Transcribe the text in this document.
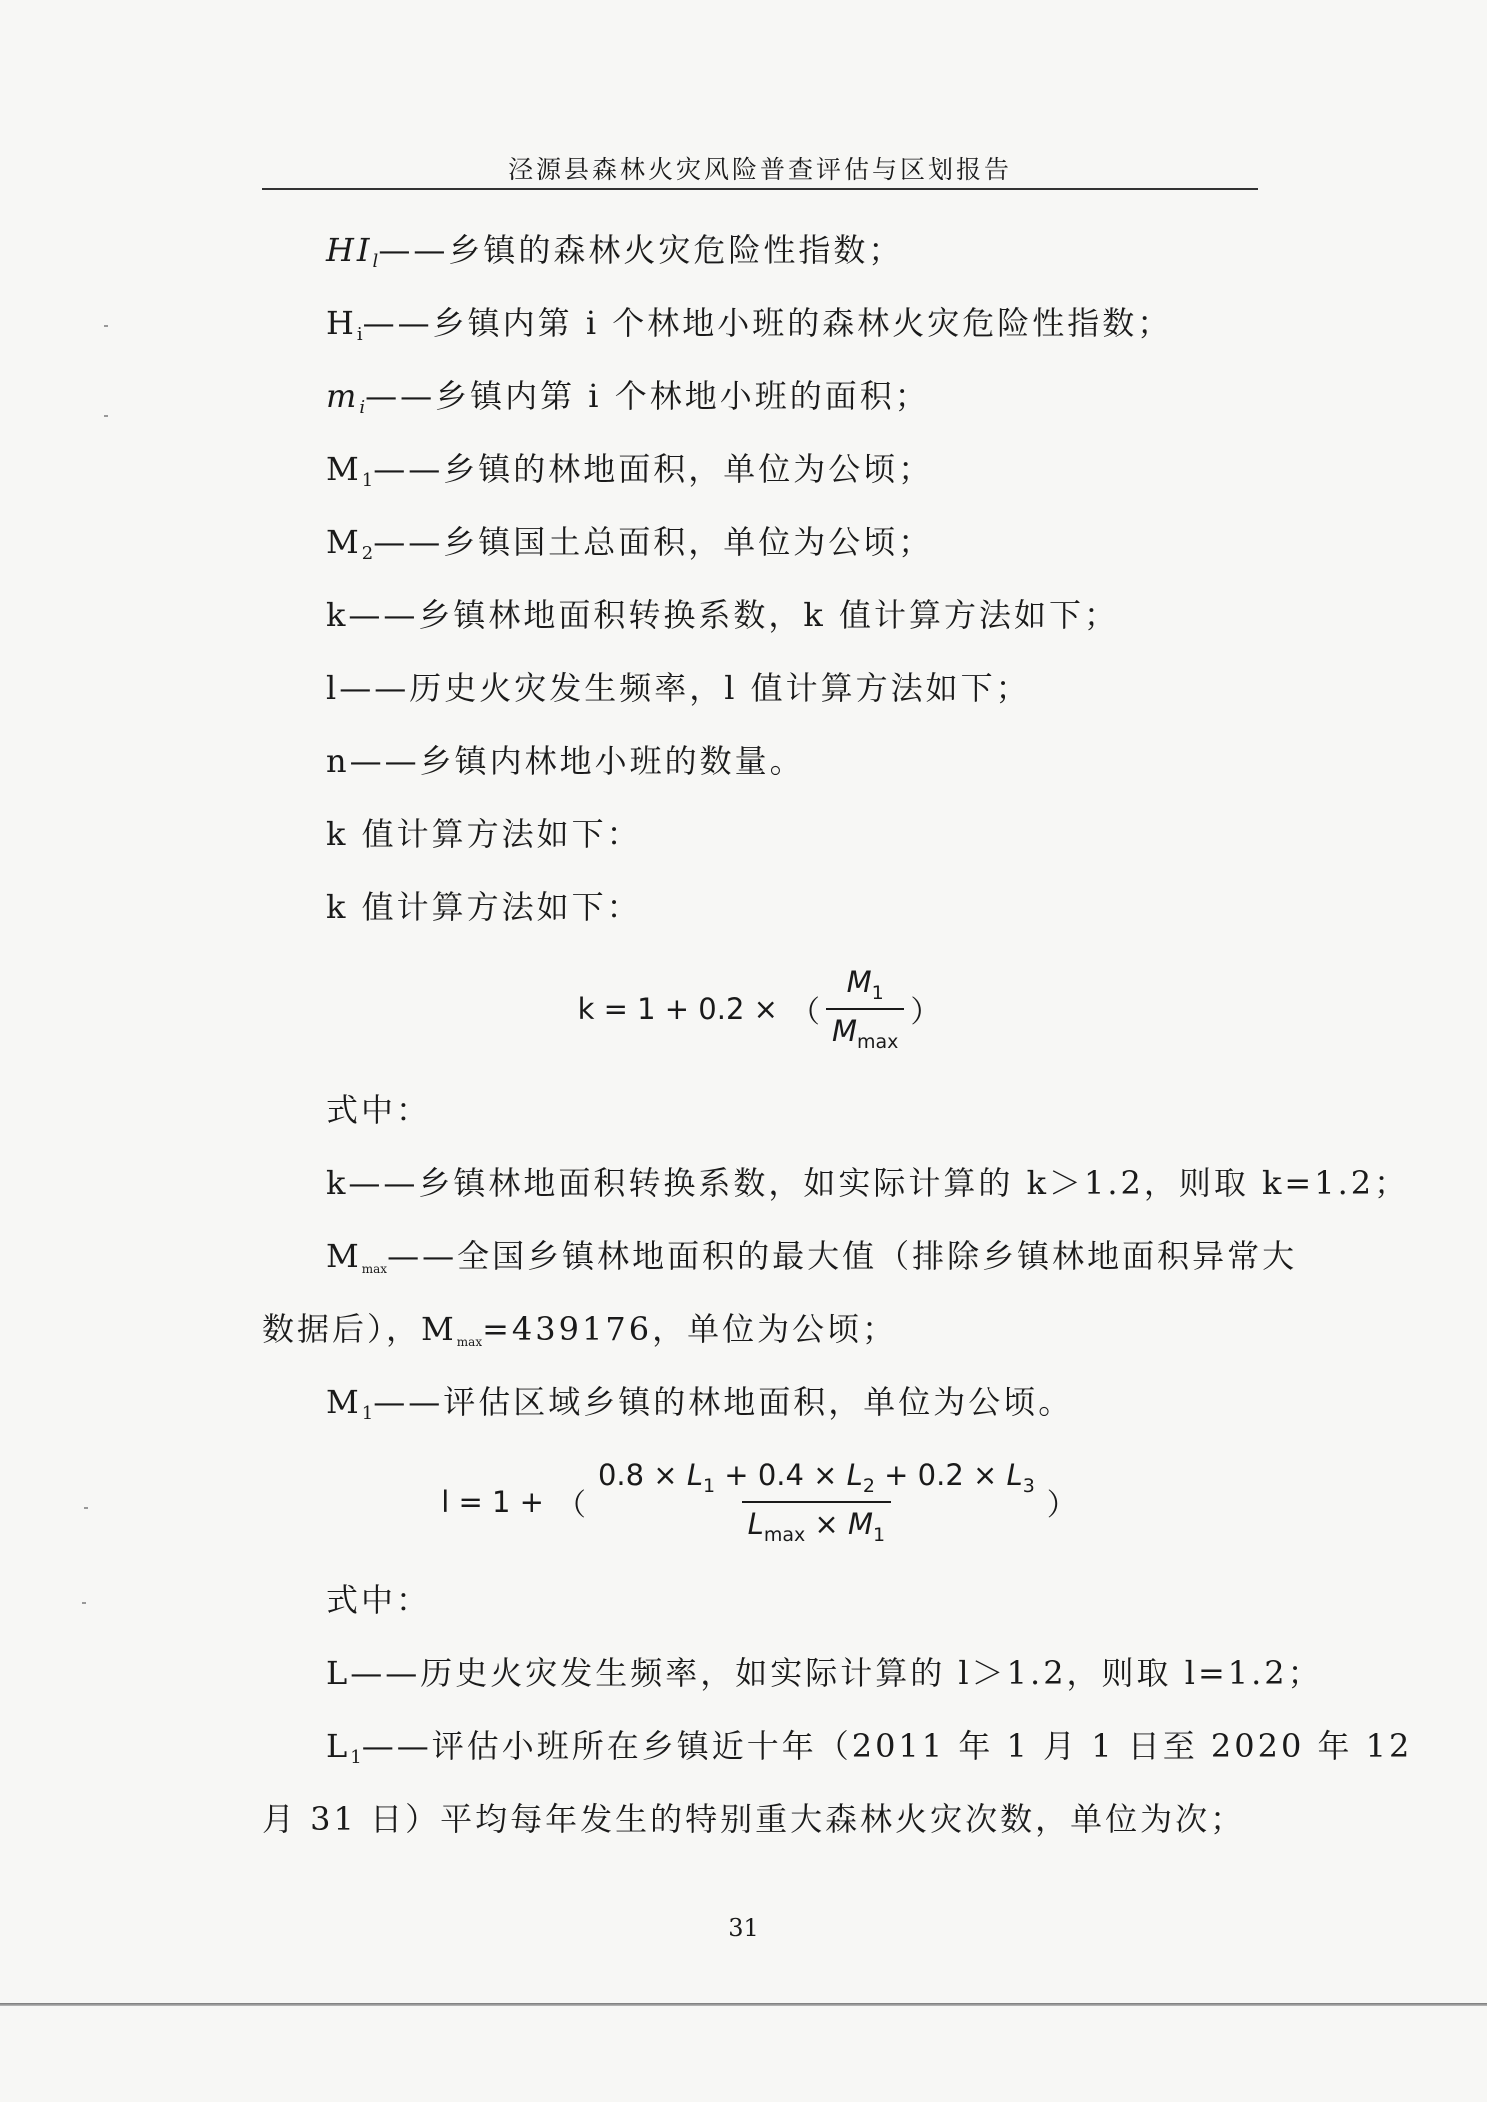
泾源县森林火灾风险普查评估与区划报告
$HI_l——$乡镇的森林火灾危险性指数；
$H_i——$乡镇内第 i 个林地小班的森林火灾危险性指数；
$m_i——$乡镇内第 i 个林地小班的面积；
$M_1——$乡镇的林地面积，单位为公顷；
$M_2——$乡镇国土总面积，单位为公顷；
k——乡镇林地面积转换系数，k 值计算方法如下；
l——历史火灾发生频率，l 值计算方法如下；
n——乡镇内林地小班的数量。
k 值计算方法如下：
k 值计算方法如下：
k = 1 + 0.2 × （ $\frac{M_1}{M_{max}}$ ）
式中：
k——乡镇林地面积转换系数，如实际计算的 k＞1.2，则取 k=1.2；
Mmax——全国乡镇林地面积的最大值（排除乡镇林地面积异常大
数据后），Mmax=439176，单位为公顷；
$M_1——$评估区域乡镇的林地面积，单位为公顷。
l = 1 + （ $\frac{0.8 \times L_1 + 0.4 \times L_2 + 0.2 \times L_3}{L_{max} \times M_1}$ ）
式中：
L——历史火灾发生频率，如实际计算的 l＞1.2，则取 l=1.2；
$L_1——$评估小班所在乡镇近十年（2011 年 1 月 1 日至 2020 年 12
月 31 日）平均每年发生的特别重大森林火灾次数，单位为次；
31
